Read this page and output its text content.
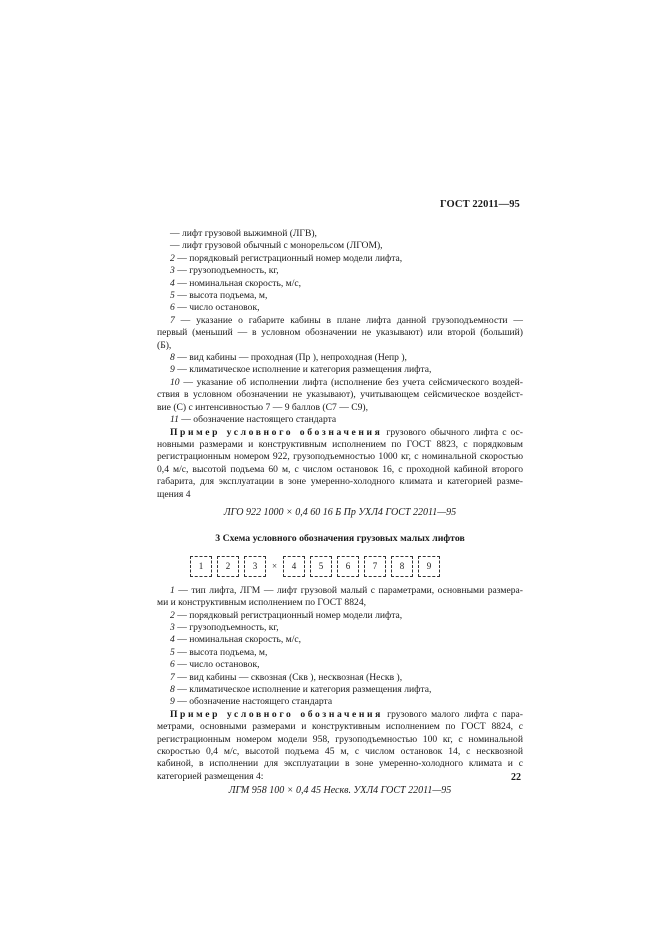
ГОСТ 22011—95
— лифт грузовой выжимной (ЛГВ),
— лифт грузовой обычный с монорельсом (ЛГОМ),
2 — порядковый регистрационный номер модели лифта,
3 — грузоподъемность, кг,
4 — номинальная скорость, м/с,
5 — высота подъема, м,
6 — число остановок,
7 — указание о габарите кабины в плане лифта данной грузоподъемности —
первый (меньший — в условном обозначении не указывают) или второй (больший)
(Б),
8 — вид кабины — проходная (Пр ), непроходная (Непр ),
9 — климатическое исполнение и категория размещения лифта,
10 — указание об исполнении лифта (исполнение без учета сейсмического воздей-
ствия в условном обозначении не указывают), учитывающем сейсмическое воздейст-
вие (С) с интенсивностью 7 — 9 баллов (С7 — С9),
11 — обозначение настоящего стандарта
Пример условного обозначения грузового обычного лифта с ос-
новными размерами и конструктивным исполнением по ГОСТ 8823, с порядковым
регистрационным номером 922, грузоподъемностью 1000 кг, с номинальной скоростью
0,4 м/с, высотой подъема 60 м, с числом остановок 16, с проходной кабиной второго
габарита, для эксплуатации в зоне умеренно-холодного климата и категорией разме-
щения 4
ЛГО 922 1000 × 0,4 60 16 Б Пр УХЛ4 ГОСТ 22011—95
3 Схема условного обозначения грузовых малых лифтов
1	2	3	×	4	5	6	7	8	9
1 — тип лифта, ЛГМ — лифт грузовой малый с параметрами, основными размера-
ми и конструктивным исполнением по ГОСТ 8824,
2 — порядковый регистрационный номер модели лифта,
3 — грузоподъемность, кг,
4 — номинальная скорость, м/с,
5 — высота подъема, м,
6 — число остановок,
7 — вид кабины — сквозная (Скв ), несквозная (Нескв ),
8 — климатическое исполнение и категория размещения лифта,
9 — обозначение настоящего стандарта
Пример условного обозначения грузового малого лифта с пара-
метрами, основными размерами и конструктивным исполнением по ГОСТ 8824, с
регистрационным номером модели 958, грузоподъемностью 100 кг, с номинальной
скоростью 0,4 м/с, высотой подъема 45 м, с числом остановок 14, с несквозной
кабиной, в исполнении для эксплуатации в зоне умеренно-холодного климата и с
категорией размещения 4:
ЛГМ 958 100 × 0,4 45 Нескв. УХЛ4 ГОСТ 22011—95
22
